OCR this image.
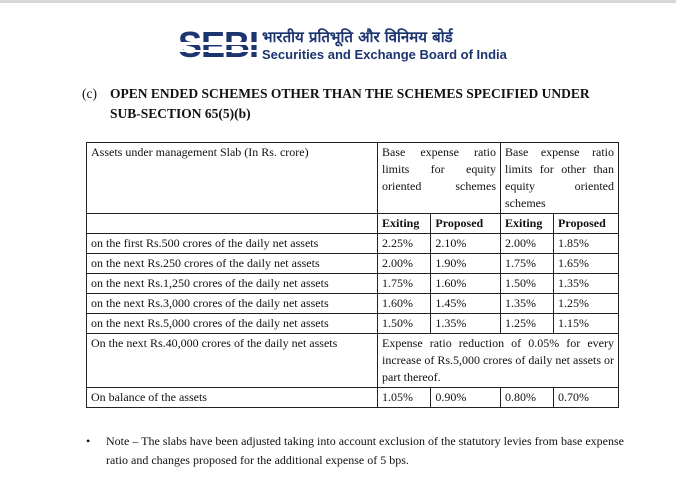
भारतीय प्रतिभूति और विनिमय बोर्ड
Securities and Exchange Board of India
(c) OPEN ENDED SCHEMES OTHER THAN THE SCHEMES SPECIFIED UNDER
SUB-SECTION 65(5)(b)
Assets under management Slab (In Rs. crore)	Base expense ratio limits for equity oriented schemes		Base expense ratio limits for other than equity oriented schemes	
	Exiting	Proposed	Exiting	Proposed
on the first Rs.500 crores of the daily net assets	2.25%	2.10%	2.00%	1.85%
on the next Rs.250 crores of the daily net assets	2.00%	1.90%	1.75%	1.65%
on the next Rs.1,250 crores of the daily net assets	1.75%	1.60%	1.50%	1.35%
on the next Rs.3,000 crores of the daily net assets	1.60%	1.45%	1.35%	1.25%
on the next Rs.5,000 crores of the daily net assets	1.50%	1.35%	1.25%	1.15%
On the next Rs.40,000 crores of the daily net assets	Expense ratio reduction of 0.05% for every increase of Rs.5,000 crores of daily net assets or part thereof.			
On balance of the assets	1.05%	0.90%	0.80%	0.70%
•	Note – The slabs have been adjusted taking into account exclusion of the statutory levies from base expense ratio and changes proposed for the additional expense of 5 bps.
